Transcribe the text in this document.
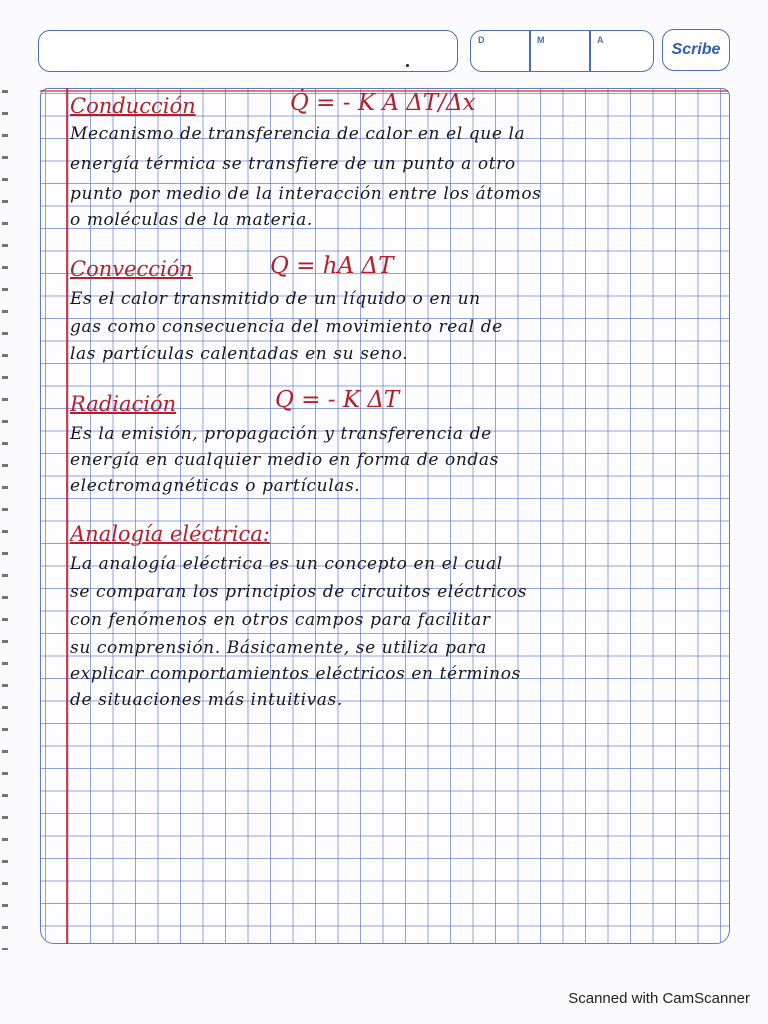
D	M	A
Scribe
Conducción	Q̇ = - K A ΔT/Δx
Mecanismo de transferencia de calor en el que la
energía térmica se transfiere de un punto a otro
punto por medio de la interacción entre los átomos
o moléculas de la materia.
Convección	Q = hA ΔT
Es el calor transmitido de un líquido o en un
gas como consecuencia del movimiento real de
las partículas calentadas en su seno.
Radiación	Q = - K ΔT
Es la emisión, propagación y transferencia de
energía en cualquier medio en forma de ondas
electromagnéticas o partículas.
Analogía eléctrica:
La analogía eléctrica es un concepto en el cual
se comparan los principios de circuitos eléctricos
con fenómenos en otros campos para facilitar
su comprensión. Básicamente, se utiliza para
explicar comportamientos eléctricos en términos
de situaciones más intuitivas.
Scanned with CamScanner
